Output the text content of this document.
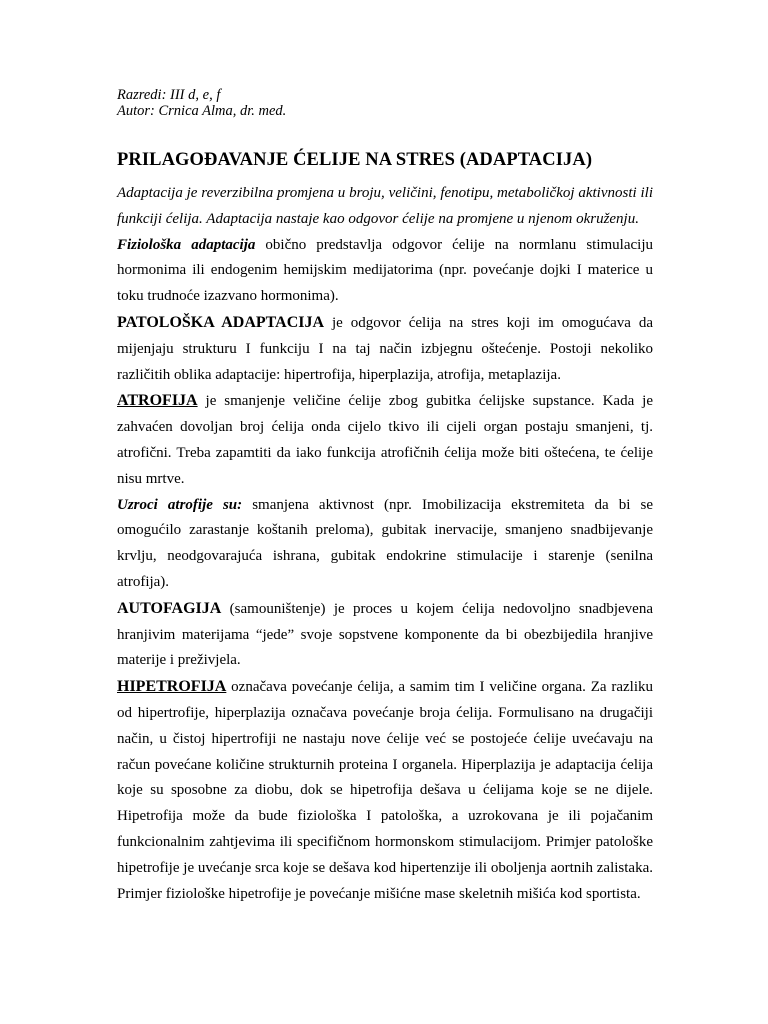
Razredi: III d, e, f
Autor: Crnica Alma, dr. med.
PRILAGOĐAVANJE ĆELIJE NA STRES (ADAPTACIJA)

Adaptacija je reverzibilna promjena u broju, veličini, fenotipu, metaboličkoj aktivnosti ili funkciji ćelija. Adaptacija nastaje kao odgovor ćelije na promjene u njenom okruženju.

Fiziološka adaptacija obično predstavlja odgovor ćelije na normlanu stimulaciju hormonima ili endogenim hemijskim medijatorima (npr. povećanje dojki I materice u toku trudnoće izazvano hormonima).

PATOLOŠKA ADAPTACIJA je odgovor ćelija na stres koji im omogućava da mijenjaju strukturu I funkciju I na taj način izbjegnu oštećenje. Postoji nekoliko različitih oblika adaptacije: hipertrofija, hiperplazija, atrofija, metaplazija.

ATROFIJA je smanjenje veličine ćelije zbog gubitka ćelijske supstance. Kada je zahvaćen dovoljan broj ćelija onda cijelo tkivo ili cijeli organ postaju smanjeni, tj. atrofični. Treba zapamtiti da iako funkcija atrofičnih ćelija može biti oštećena, te ćelije nisu mrtve.

Uzroci atrofije su: smanjena aktivnost (npr. Imobilizacija ekstremiteta da bi se omogućilo zarastanje koštanih preloma), gubitak inervacije, smanjeno snadbijevanje krvlju, neodgovarajuća ishrana, gubitak endokrine stimulacije i starenje (senilna atrofija).

AUTOFAGIJA (samouništenje) je proces u kojem ćelija nedovoljno snadbjevena hranjivim materijama “jede” svoje sopstvene komponente da bi obezbijedila hranjive materije i preživjela.

HIPETROFIJA označava povećanje ćelija, a samim tim I veličine organa. Za razliku od hipertrofije, hiperplazija označava povećanje broja ćelija. Formulisano na drugačiji način, u čistoj hipertrofiji ne nastaju nove ćelije već se postojeće ćelije uvećavaju na račun povećane količine strukturnih proteina I organela. Hiperplazija je adaptacija ćelija koje su sposobne za diobu, dok se hipetrofija dešava u ćelijama koje se ne dijele. Hipetrofija može da bude fiziološka I patološka, a uzrokovana je ili pojačanim funkcionalnim zahtjevima ili specifičnom hormonskom stimulacijom. Primjer patološke hipetrofije je uvećanje srca koje se dešava kod hipertenzije ili obolјenja aortnih zalistaka. Primjer fiziološke hipetrofije je povećanje mišićne mase skeletnih mišića kod sportista.
